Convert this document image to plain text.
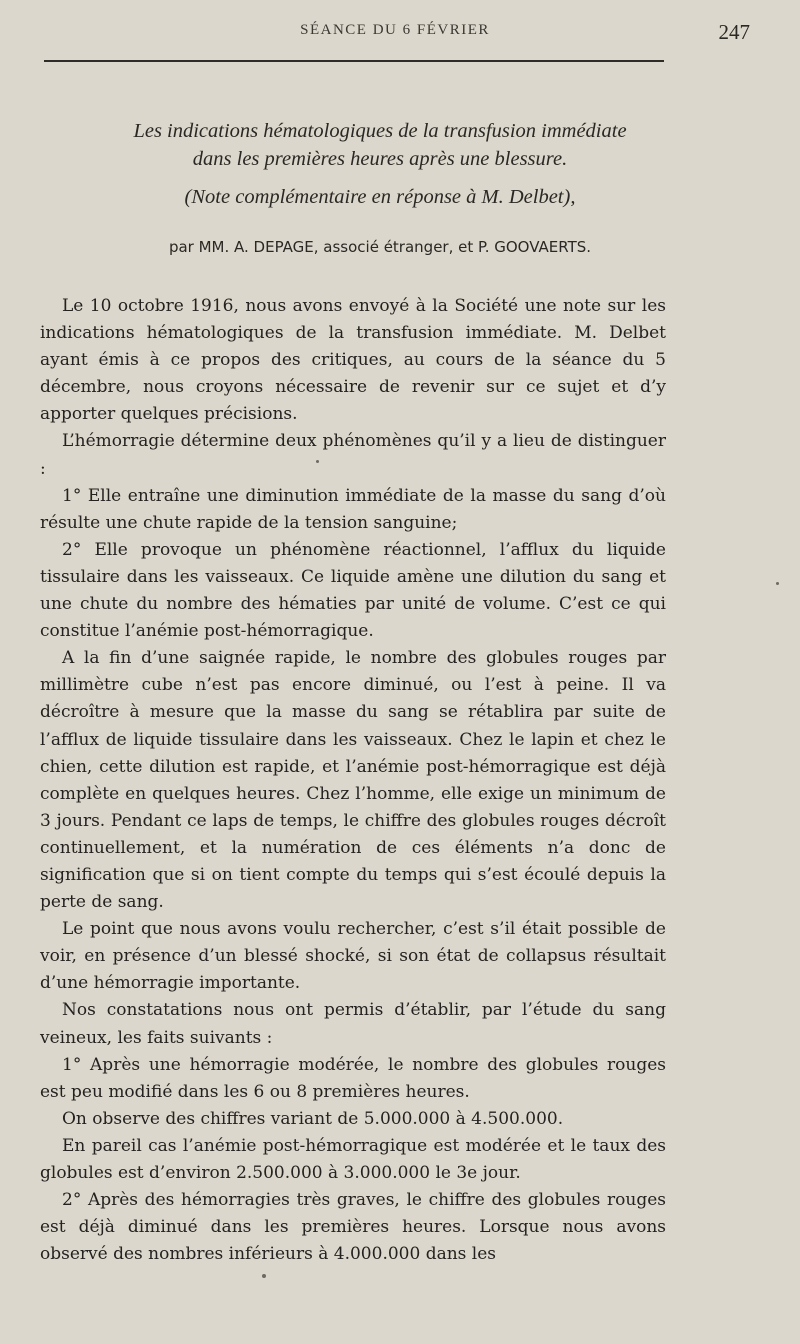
SÉANCE DU 6 FÉVRIER	247
Les indications hématologiques de la transfusion immédiate
dans les premières heures après une blessure.
(Note complémentaire en réponse à M. Delbet),
par MM. A. DEPAGE, associé étranger, et P. GOOVAERTS.

Le 10 octobre 1916, nous avons envoyé à la Société une note sur les indications hématologiques de la transfusion immédiate. M. Delbet ayant émis à ce propos des critiques, au cours de la séance du 5 décembre, nous croyons nécessaire de revenir sur ce sujet et d’y apporter quelques précisions.

L’hémorragie détermine deux phénomènes qu’il y a lieu de distinguer :

1° Elle entraîne une diminution immédiate de la masse du sang d’où résulte une chute rapide de la tension sanguine;

2° Elle provoque un phénomène réactionnel, l’afflux du liquide tissulaire dans les vaisseaux. Ce liquide amène une dilution du sang et une chute du nombre des hématies par unité de volume. C’est ce qui constitue l’anémie post-hémorragique.

A la fin d’une saignée rapide, le nombre des globules rouges par millimètre cube n’est pas encore diminué, ou l’est à peine. Il va décroître à mesure que la masse du sang se rétablira par suite de l’afflux de liquide tissulaire dans les vaisseaux. Chez le lapin et chez le chien, cette dilution est rapide, et l’anémie post-hémorragique est déjà complète en quelques heures. Chez l’homme, elle exige un minimum de 3 jours. Pendant ce laps de temps, le chiffre des globules rouges décroît continuellement, et la numération de ces éléments n’a donc de signification que si on tient compte du temps qui s’est écoulé depuis la perte de sang.

Le point que nous avons voulu rechercher, c’est s’il était possible de voir, en présence d’un blessé shocké, si son état de collapsus résultait d’une hémorragie importante.

Nos constatations nous ont permis d’établir, par l’étude du sang veineux, les faits suivants :

1° Après une hémorragie modérée, le nombre des globules rouges est peu modifié dans les 6 ou 8 premières heures.

On observe des chiffres variant de 5.000.000 à 4.500.000.

En pareil cas l’anémie post-hémorragique est modérée et le taux des globules est d’environ 2.500.000 à 3.000.000 le 3e jour.

2° Après des hémorragies très graves, le chiffre des globules rouges est déjà diminué dans les premières heures. Lorsque nous avons observé des nombres inférieurs à 4.000.000 dans les
